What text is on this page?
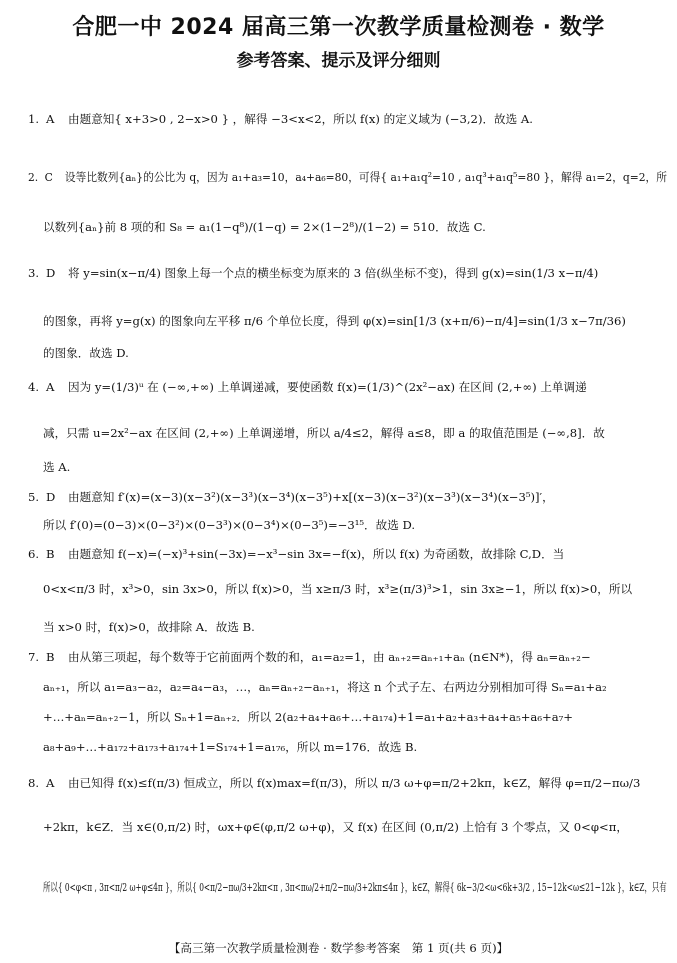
合肥一中 2024 届高三第一次教学质量检测卷 · 数学
参考答案、提示及评分细则
1. A 由题意知{ x+3>0 , 2−x>0 } ，解得 −3<x<2，所以 f(x) 的定义域为 (−3,2)．故选 A.
2. C 设等比数列{aₙ}的公比为 q，因为 a₁+a₃=10，a₄+a₆=80，可得{ a₁+a₁q²=10 , a₁q³+a₁q⁵=80 }，解得 a₁=2，q=2，所
以数列{aₙ}前 8 项的和 S₈ = a₁(1−q⁸)/(1−q) = 2×(1−2⁸)/(1−2) = 510．故选 C.
3. D 将 y=sin(x−π/4) 图象上每一个点的横坐标变为原来的 3 倍(纵坐标不变)，得到 g(x)=sin(1/3 x−π/4)
的图象，再将 y=g(x) 的图象向左平移 π/6 个单位长度，得到 φ(x)=sin[1/3 (x+π/6)−π/4]=sin(1/3 x−7π/36)
的图象．故选 D.
4. A 因为 y=(1/3)ᵘ 在 (−∞,+∞) 上单调递减，要使函数 f(x)=(1/3)^(2x²−ax) 在区间 (2,+∞) 上单调递
减，只需 u=2x²−ax 在区间 (2,+∞) 上单调递增，所以 a/4≤2，解得 a≤8，即 a 的取值范围是 (−∞,8]．故
选 A.
5. D 由题意知 f′(x)=(x−3)(x−3²)(x−3³)(x−3⁴)(x−3⁵)+x[(x−3)(x−3²)(x−3³)(x−3⁴)(x−3⁵)]′，
所以 f′(0)=(0−3)×(0−3²)×(0−3³)×(0−3⁴)×(0−3⁵)=−3¹⁵．故选 D.
6. B 由题意知 f(−x)=(−x)³+sin(−3x)=−x³−sin 3x=−f(x)，所以 f(x) 为奇函数，故排除 C,D．当
0<x<π/3 时，x³>0，sin 3x>0，所以 f(x)>0，当 x≥π/3 时，x³≥(π/3)³>1，sin 3x≥−1，所以 f(x)>0，所以
当 x>0 时，f(x)>0，故排除 A．故选 B.
7. B 由从第三项起，每个数等于它前面两个数的和，a₁=a₂=1，由 aₙ₊₂=aₙ₊₁+aₙ (n∈N*)，得 aₙ=aₙ₊₂−
aₙ₊₁，所以 a₁=a₃−a₂，a₂=a₄−a₃，…，aₙ=aₙ₊₂−aₙ₊₁，将这 n 个式子左、右两边分别相加可得 Sₙ=a₁+a₂
+…+aₙ=aₙ₊₂−1，所以 Sₙ+1=aₙ₊₂．所以 2(a₂+a₄+a₆+…+a₁₇₄)+1=a₁+a₂+a₃+a₄+a₅+a₆+a₇+
a₈+a₉+…+a₁₇₂+a₁₇₃+a₁₇₄+1=S₁₇₄+1=a₁₇₆，所以 m=176．故选 B.
8. A 由已知得 f(x)≤f(π/3) 恒成立，所以 f(x)max=f(π/3)，所以 π/3 ω+φ=π/2+2kπ，k∈Z，解得 φ=π/2−πω/3
+2kπ，k∈Z．当 x∈(0,π/2) 时，ωx+φ∈(φ,π/2 ω+φ)，又 f(x) 在区间 (0,π/2) 上恰有 3 个零点，又 0<φ<π，
所以{ 0<φ<π , 3π<π/2 ω+φ≤4π }，所以{ 0<π/2−πω/3+2kπ<π , 3π<πω/2+π/2−πω/3+2kπ≤4π }，k∈Z，解得{ 6k−3/2<ω<6k+3/2 , 15−12k<ω≤21−12k }，k∈Z，只有
【高三第一次教学质量检测卷 · 数学参考答案　第 1 页(共 6 页)】
